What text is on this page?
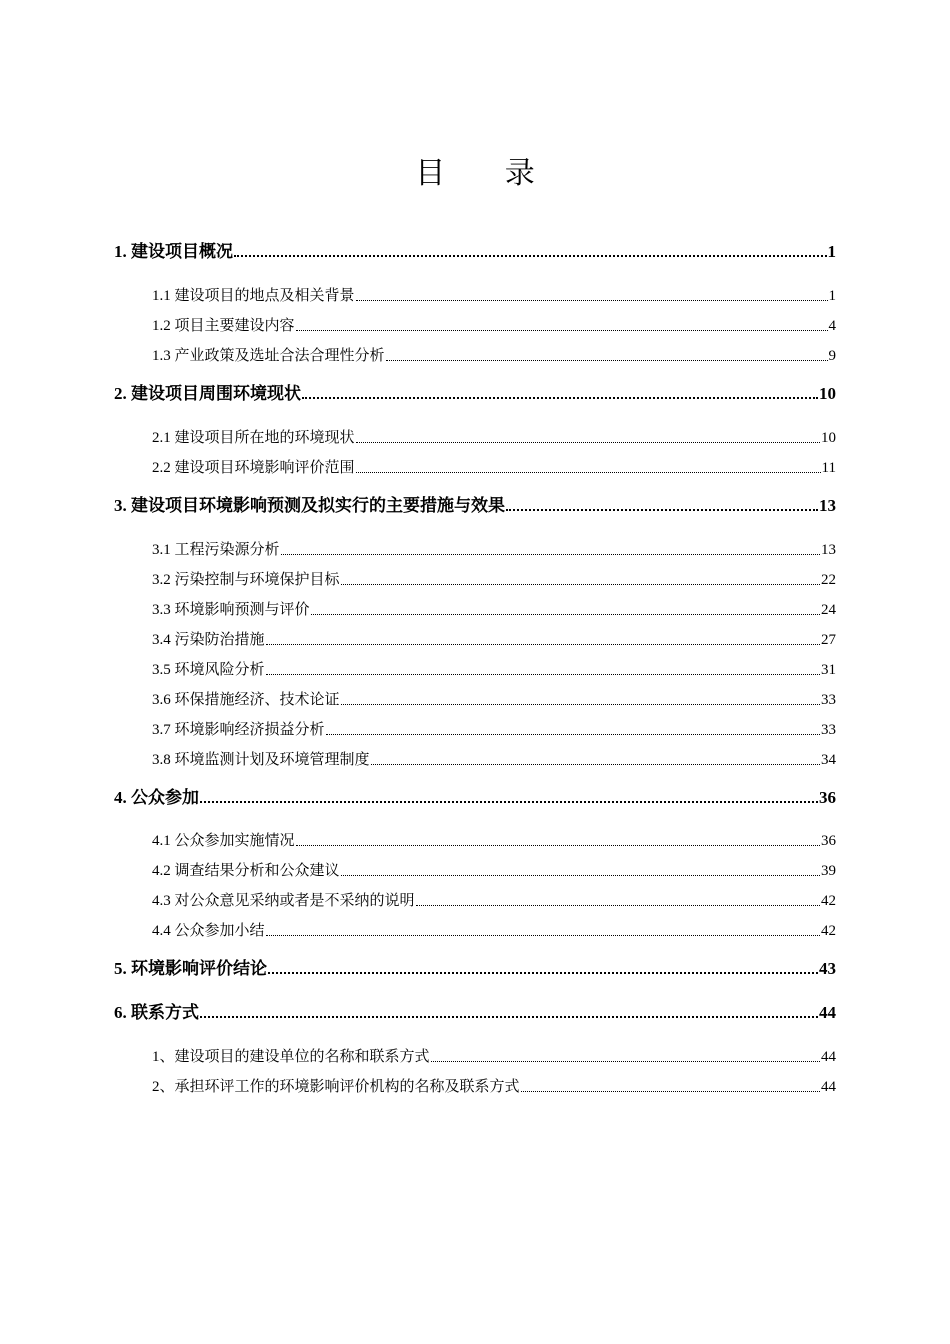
目 录
1. 建设项目概况	1
1.1 建设项目的地点及相关背景	1
1.2 项目主要建设内容	4
1.3 产业政策及选址合法合理性分析	9
2. 建设项目周围环境现状	10
2.1 建设项目所在地的环境现状	10
2.2 建设项目环境影响评价范围	11
3. 建设项目环境影响预测及拟实行的主要措施与效果	13
3.1 工程污染源分析	13
3.2 污染控制与环境保护目标	22
3.3 环境影响预测与评价	24
3.4 污染防治措施	27
3.5 环境风险分析	31
3.6 环保措施经济、技术论证	33
3.7 环境影响经济损益分析	33
3.8 环境监测计划及环境管理制度	34
4. 公众参加	36
4.1 公众参加实施情况	36
4.2 调查结果分析和公众建议	39
4.3 对公众意见采纳或者是不采纳的说明	42
4.4 公众参加小结	42
5. 环境影响评价结论	43
6. 联系方式	44
1、建设项目的建设单位的名称和联系方式	44
2、承担环评工作的环境影响评价机构的名称及联系方式	44
